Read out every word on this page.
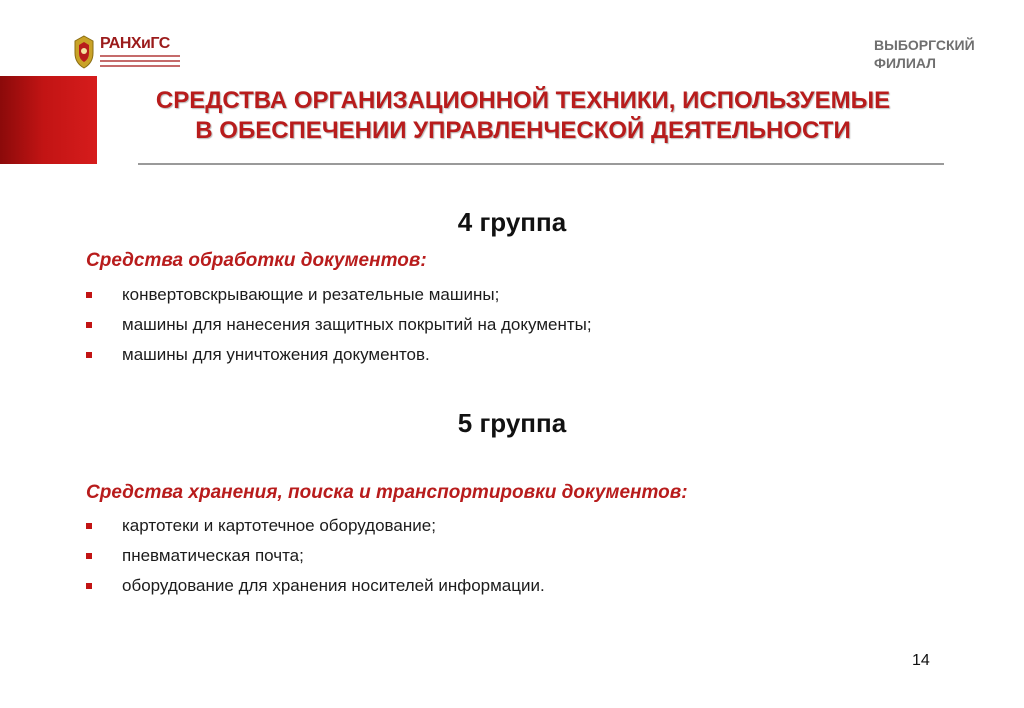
РАНХиГС	ВЫБОРГСКИЙ
ФИЛИАЛ
СРЕДСТВА ОРГАНИЗАЦИОННОЙ ТЕХНИКИ, ИСПОЛЬЗУЕМЫЕ
В ОБЕСПЕЧЕНИИ УПРАВЛЕНЧЕСКОЙ ДЕЯТЕЛЬНОСТИ
4 группа
Средства обработки документов:
конвертовскрывающие и резательные машины;
машины для нанесения защитных покрытий на документы;
машины для уничтожения документов.
5 группа
Средства хранения, поиска и транспортировки документов:
картотеки и картотечное оборудование;
пневматическая почта;
оборудование для хранения носителей информации.
14
